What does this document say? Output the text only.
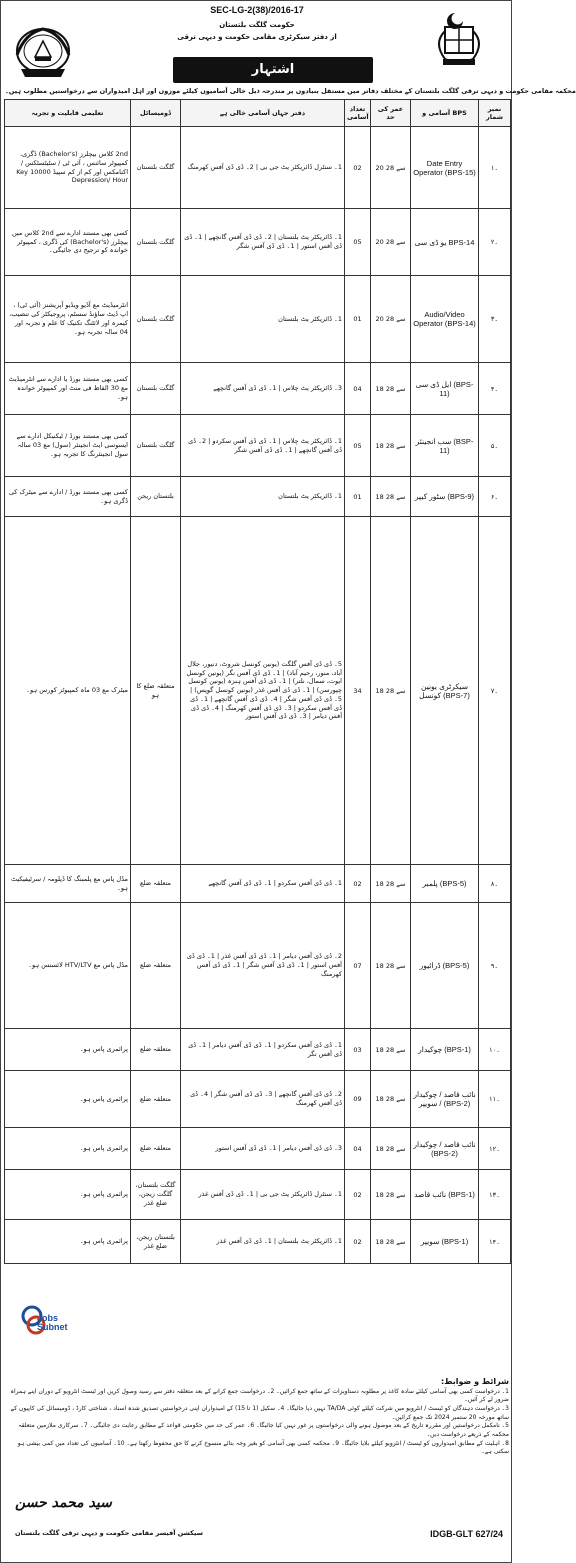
SEC-LG-2(38)/2016-17
حکومت گلگت بلتستان
از دفتر سیکرٹری مقامی حکومت و دیہی ترقی
اشتہار
محکمہ مقامی حکومت و دیہی ترقی گلگت بلتستان کے مختلف دفاتر میں مستقل بنیادوں پر مندرجہ ذیل خالی آسامیوں کیلئے موزوں اور اہل امیدواران سے درخواستیں مطلوب ہیں۔
تعلیمی قابلیت و تجربہ	ڈومیسائل	دفتر جہاں آسامی خالی ہے	تعداد آسامی	عمر کی حد	آسامی و BPS	نمبر شمار
2nd کلاس بیچلرز (Bachelor's) ڈگری، کمپیوٹر سائنس ، آئی ٹی / سٹیٹسٹکس / اکنامکس اور کم از کم سپیڈ 10000 Key Depression/ Hour	گلگت بلتستان	1۔ سنٹرل ڈائریکٹر یٹ جی بی | 2۔ ڈی ڈی آفس کھرمنگ	02	20 سے 28	Date Entry Operator (BPS-15)	۱۔
کسی بھی مستند ادارے سے 2nd کلاس میں بیچلرز (Bachelor's) کی ڈگری ، کمپیوٹر خواندہ کو ترجیح دی جائیگی۔	گلگت بلتستان	1۔ ڈائریکٹر یٹ بلتستان | 2۔ ڈی ڈی آفس گانچھے | 1۔ ڈی ڈی آفس استور | 1۔ ڈی ڈی آفس شگر	05	20 سے 28	یو ڈی سی BPS-14	۲۔
انٹرمیڈیٹ مع آڈیو ویڈیو آپریشنز (آئی ٹی) ، اپ ڈیٹ ساؤنڈ سسٹم، پروجیکٹر کی تنصیب، کیمرہ اور لائٹنگ تکنیک کا علم و تجربہ اور 04 سالہ تجربہ ہو۔	گلگت بلتستان	1۔ ڈائریکٹر یٹ بلتستان	01	20 سے 28	Audio/Video Operator (BPS-14)	۳۔
کسی بھی مستند بورڈ یا ادارے سے انٹرمیڈیٹ مع 30 الفاظ فی منٹ اور کمپیوٹر خواندہ ہو۔	گلگت بلتستان	3۔ ڈائریکٹر یٹ چلاس | 1۔ ڈی ڈی آفس گانچھے	04	18 سے 28	ایل ڈی سی (BPS-11)	۴۔
کسی بھی مستند بورڈ / ٹیکنیکل ادارے سے ایسوسی ایٹ انجینئر (سول) مع 03 سالہ سول انجینئرنگ کا تجربہ ہو۔	گلگت بلتستان	1۔ ڈائریکٹر یٹ چلاس | 1۔ ڈی ڈی آفس سکردو | 2۔ ڈی ڈی آفس گانچھے | 1۔ ڈی ڈی آفس شگر	05	18 سے 28	سب انجینئر (BSP-11)	۵۔
کسی بھی مستند بورڈ / ادارے سے میٹرک کی ڈگری ہو۔	بلتستان ریجن	1۔ ڈائریکٹر یٹ بلتستان	01	18 سے 28	سٹور کیپر (BPS-9)	۶۔
میٹرک مع 03 ماہ کمپیوٹر کورس ہو۔	متعلقہ ضلع کا ہو	5۔ ڈی ڈی آفس گلگت (یونین کونسل شروٹ، دنیور، جلال آباد، منور، رحیم آباد) | 1۔ ڈی ڈی آفس نگر (یونین کونسل ایوت، سمال، نلتر) | 1۔ ڈی ڈی آفس ہنزہ (یونین کونسل چپورسن) | 1۔ ڈی ڈی آفس غذر (یونین کونسل گوپس) | 5۔ ڈی ڈی آفس شگر | 4۔ ڈی ڈی آفس گانچھے | 1۔ ڈی ڈی آفس سکردو | 3۔ ڈی ڈی آفس کھرمنگ | 4۔ ڈی ڈی آفس دیامر | 3۔ ڈی ڈی آفس استور	34	18 سے 28	سیکرٹری یونین کونسل (BPS-7)	۷۔
مڈل پاس مع پلمبنگ کا ڈپلومہ / سرٹیفیکیٹ ہو۔	متعلقہ ضلع	1۔ ڈی ڈی آفس سکردو | 1۔ ڈی ڈی آفس گانچھے	02	18 سے 28	پلمبر (BPS-5)	۸۔
مڈل پاس مع HTV/LTV لائسنس ہو۔	متعلقہ ضلع	2۔ ڈی ڈی آفس دیامر | 1۔ ڈی ڈی آفس غذر | 1۔ ڈی ڈی آفس استور | 1۔ ڈی ڈی آفس شگر | 1۔ ڈی ڈی آفس کھرمنگ	07	18 سے 28	ڈرائیور (BPS-5)	۹۔
پرائمری پاس ہو۔	متعلقہ ضلع	1۔ ڈی ڈی آفس سکردو | 1۔ ڈی ڈی آفس دیامر | 1۔ ڈی ڈی آفس نگر	03	18 سے 28	چوکیدار (BPS-1)	۱۰۔
پرائمری پاس ہو۔	متعلقہ ضلع	2۔ ڈی ڈی آفس گانچھے | 3۔ ڈی ڈی آفس شگر | 4۔ ڈی ڈی آفس کھرمنگ	09	18 سے 28	نائب قاصد / چوکیدار / سویپر (BPS-2)	۱۱۔
پرائمری پاس ہو۔	متعلقہ ضلع	3۔ ڈی ڈی آفس دیامر | 1۔ ڈی ڈی آفس استور	04	18 سے 28	نائب قاصد / چوکیدار (BPS-2)	۱۲۔
پرائمری پاس ہو۔	گلگت بلتستان، گلگت ریجن، ضلع غذر	1۔ سنٹرل ڈائریکٹر یٹ جی بی | 1۔ ڈی ڈی آفس غذر	02	18 سے 28	نائب قاصد (BPS-1)	۱۳۔
پرائمری پاس ہو۔	بلتستان ریجن، ضلع غذر	1۔ ڈائریکٹر یٹ بلتستان | 1۔ ڈی ڈی آفس غذر	02	18 سے 28	سویپر (BPS-1)	۱۴۔
Jobs
Subnet
شرائط و ضوابط:
1۔ درخواست کسی بھی آسامی کیلئے سادہ کاغذ پر مطلوبہ دستاویزات کے ساتھ جمع کرائیں۔ 2۔ درخواست جمع کرانے کے بعد متعلقہ دفتر سے رسید وصول کریں اور ٹیسٹ انٹرویو کے دوران اپنے ہمراہ ضرور لے کر آئیں۔
3۔ درخواست دہندگان کو ٹیسٹ / انٹرویو میں شرکت کیلئے کوئی TA/DA نہیں دیا جائیگا۔ 4۔ سکیل (1 تا 15) کے امیدواران اپنی درخواستیں تصدیق شدہ اسناد ، شناختی کارڈ ، ڈومیسائل کی کاپیوں کے ساتھ مورخہ 20 ستمبر 2024 تک جمع کرائیں۔
5۔ نامکمل درخواستیں اور مقررہ تاریخ کے بعد موصول ہونے والی درخواستوں پر غور نہیں کیا جائیگا۔ 6۔ عمر کی حد میں حکومتی قواعد کے مطابق رعایت دی جائیگی۔ 7۔ سرکاری ملازمین متعلقہ محکمہ کے ذریعے درخواست دیں۔
8۔ اہلیت کے مطابق امیدواروں کو ٹیسٹ / انٹرویو کیلئے بلایا جائیگا۔ 9۔ محکمہ کسی بھی آسامی کو بغیر وجہ بتائے منسوخ کرنے کا حق محفوظ رکھتا ہے۔ 10۔ آسامیوں کی تعداد میں کمی بیشی ہو سکتی ہے۔
سید محمد حسن
سیکشن آفیسر مقامی حکومت و دیہی ترقی گلگت بلتستان	IDGB-GLT 627/24
